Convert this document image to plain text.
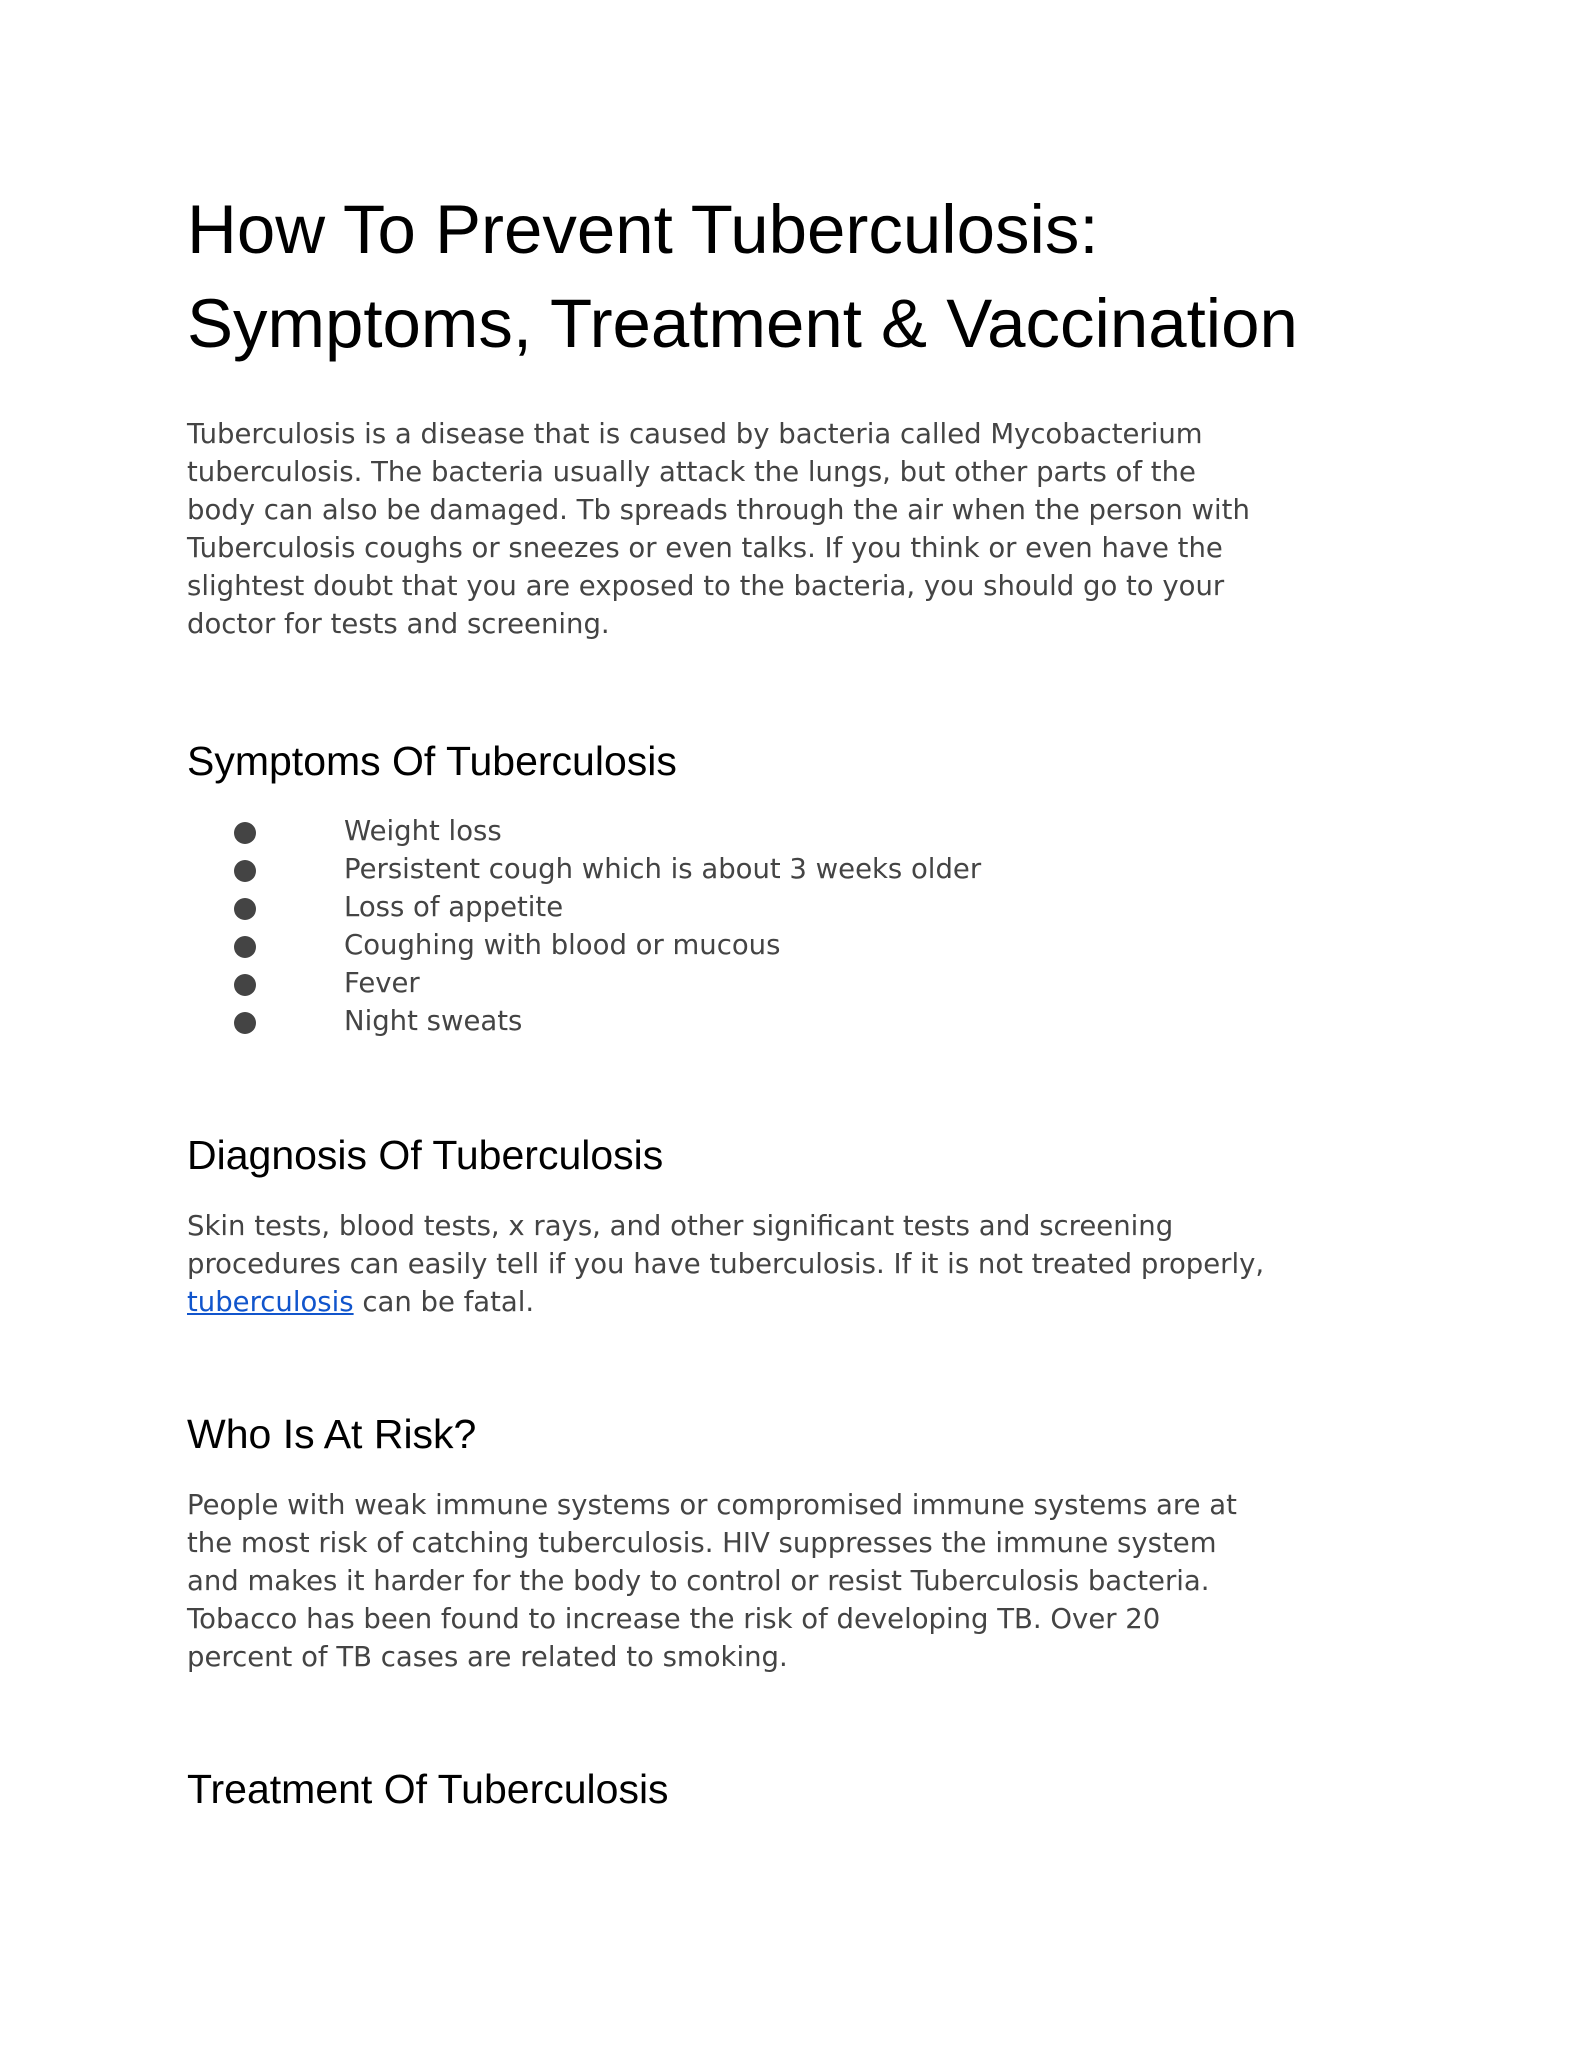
How To Prevent Tuberculosis:
Symptoms, Treatment & Vaccination

Tuberculosis is a disease that is caused by bacteria called Mycobacterium
tuberculosis. The bacteria usually attack the lungs, but other parts of the
body can also be damaged. Tb spreads through the air when the person with
Tuberculosis coughs or sneezes or even talks. If you think or even have the
slightest doubt that you are exposed to the bacteria, you should go to your
doctor for tests and screening.

Symptoms Of Tuberculosis
Weight loss
Persistent cough which is about 3 weeks older
Loss of appetite
Coughing with blood or mucous
Fever
Night sweats
Diagnosis Of Tuberculosis

Skin tests, blood tests, x rays, and other significant tests and screening
procedures can easily tell if you have tuberculosis. If it is not treated properly,
tuberculosis can be fatal.

Who Is At Risk?

People with weak immune systems or compromised immune systems are at
the most risk of catching tuberculosis. HIV suppresses the immune system
and makes it harder for the body to control or resist Tuberculosis bacteria.
Tobacco has been found to increase the risk of developing TB. Over 20
percent of TB cases are related to smoking.

Treatment Of Tuberculosis
